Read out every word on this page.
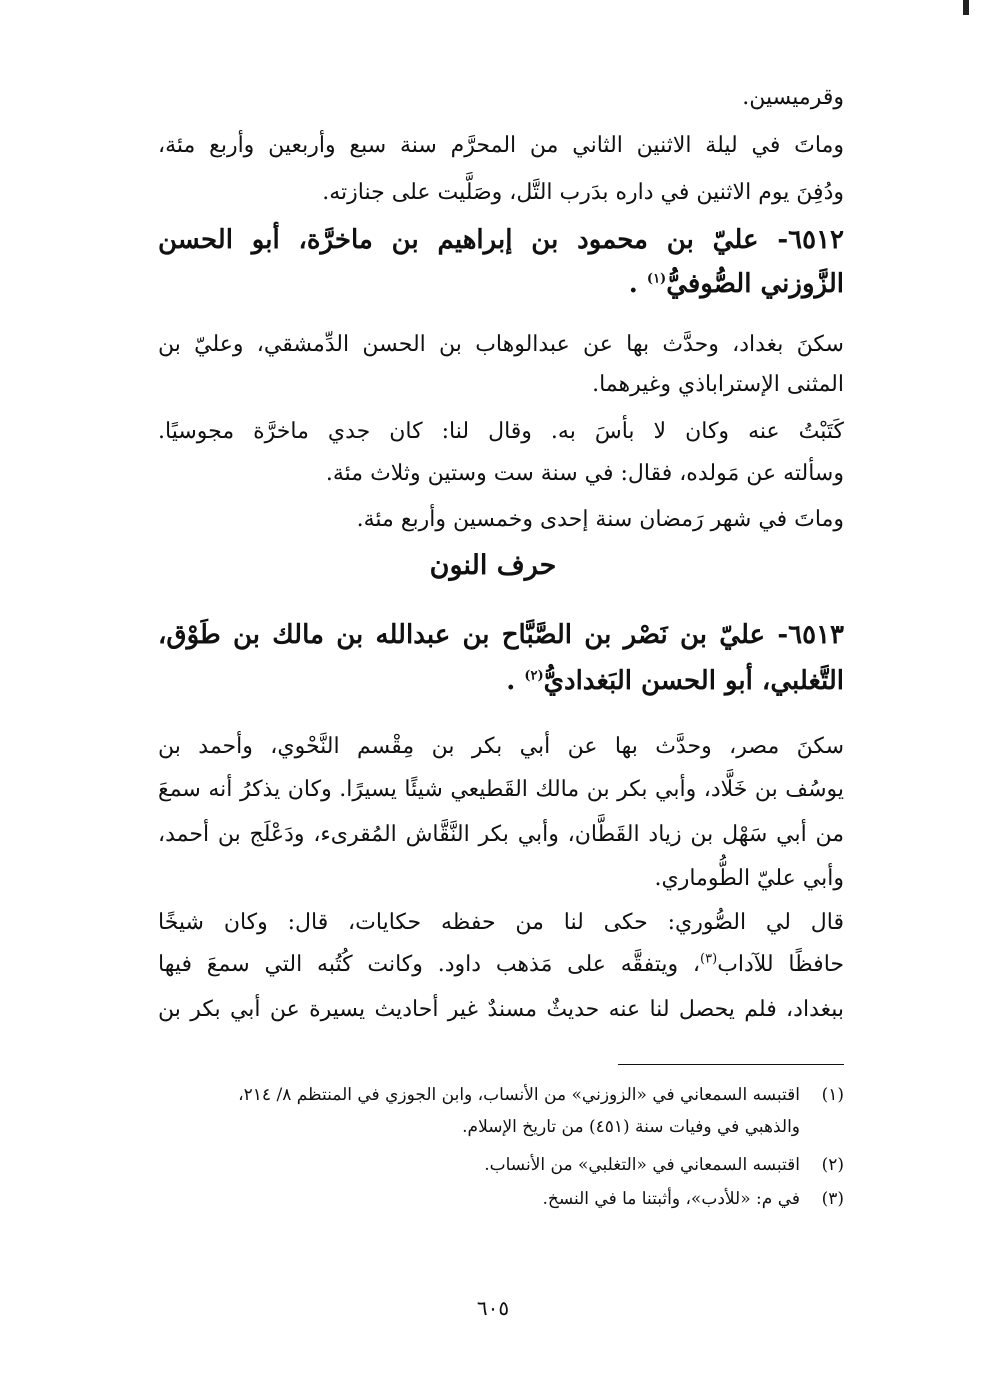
وقرميسين.
وماتَ في ليلة الاثنين الثاني من المحرَّم سنة سبع وأربعين وأربع مئة،
ودُفِنَ يوم الاثنين في داره بدَرب التَّل، وصَلَّيت على جنازته.
٦٥١٢- عليّ بن محمود بن إبراهيم بن ماخرَّة، أبو الحسن
الزَّوزني الصُّوفيُّ$^{(١)}$ .
سكنَ بغداد، وحدَّث بها عن عبدالوهاب بن الحسن الدِّمشقي، وعليّ بن
المثنى الإستراباذي وغيرهما.
كَتَبْتُ عنه وكان لا بأسَ به. وقال لنا: كان جدي ماخرَّة مجوسيًا.
وسألته عن مَولده، فقال: في سنة ست وستين وثلاث مئة.
وماتَ في شهر رَمضان سنة إحدى وخمسين وأربع مئة.
حرف النون
٦٥١٣- عليّ بن نَصْر بن الصَّبَّاح بن عبدالله بن مالك بن طَوْق،
التَّغلبي، أبو الحسن البَغداديُّ$^{(٢)}$ .
سكنَ مصر، وحدَّث بها عن أبي بكر بن مِقْسم النَّحْوي، وأحمد بن
يوسُف بن خَلَّاد، وأبي بكر بن مالك القَطيعي شيئًا يسيرًا. وكان يذكرُ أنه سمعَ
من أبي سَهْل بن زياد القَطَّان، وأبي بكر النَّقَّاش المُقرىء، ودَعْلَج بن أحمد،
وأبي عليّ الطُّوماري.
قال لي الصُّوري: حكى لنا من حفظه حكايات، قال: وكان شيخًا
حافظًا للآداب$^{(٣)}$، ويتفقَّه على مَذهب داود. وكانت كُتُبه التي سمعَ فيها
ببغداد، فلم يحصل لنا عنه حديثٌ مسندٌ غير أحاديث يسيرة عن أبي بكر بن
(١)اقتبسه السمعاني في «الزوزني» من الأنساب، وابن الجوزي في المنتظم ٨/ ٢١٤،
والذهبي في وفيات سنة (٤٥١) من تاريخ الإسلام.
(٢)اقتبسه السمعاني في «التغلبي» من الأنساب.
(٣)في م: «للأدب»، وأثبتنا ما في النسخ.
٦٠٥
